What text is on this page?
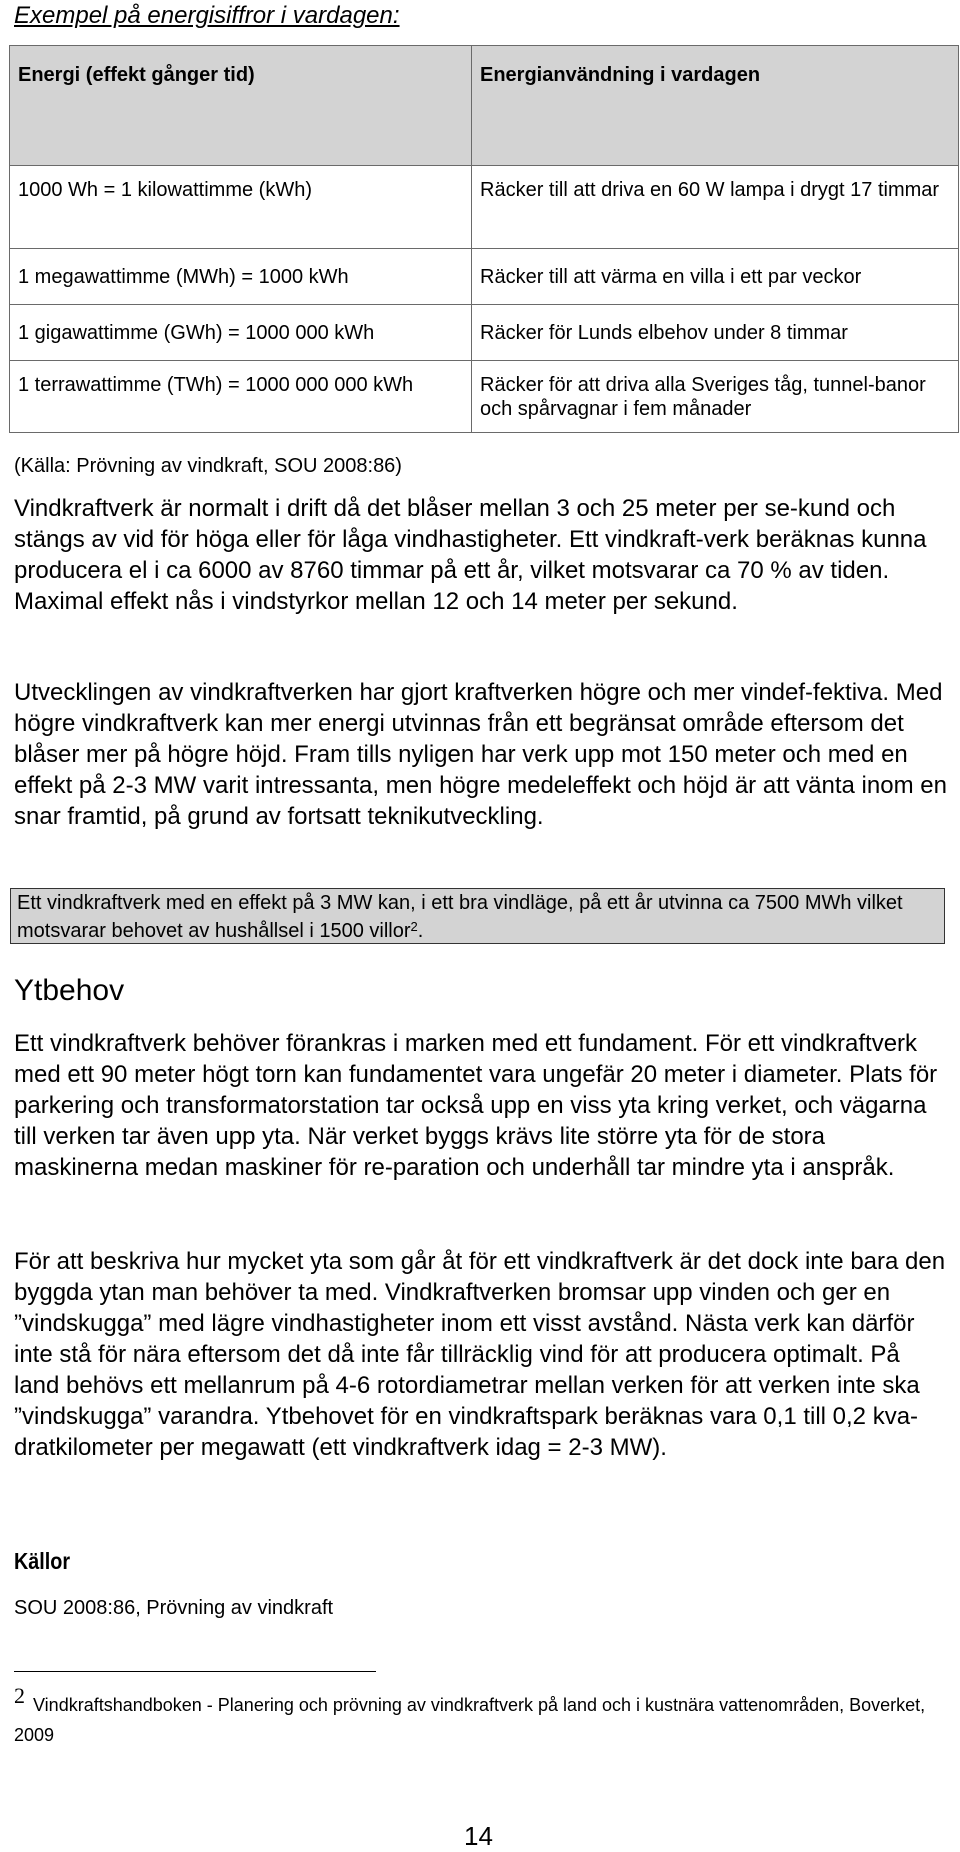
Exempel på energisiffror i vardagen:
Energi (effekt gånger tid)	Energianvändning i vardagen
1000 Wh = 1 kilowattimme (kWh)	Räcker till att driva en 60 W lampa i drygt 17 timmar
1 megawattimme (MWh) = 1000 kWh	Räcker till att värma en villa i ett par veckor
1 gigawattimme (GWh) = 1000 000 kWh	Räcker för Lunds elbehov under 8 timmar
1 terrawattimme (TWh) = 1000 000 000 kWh	Räcker för att driva alla Sveriges tåg, tunnel-banor och spårvagnar i fem månader
(Källa: Prövning av vindkraft, SOU 2008:86)

Vindkraftverk är normalt i drift då det blåser mellan 3 och 25 meter per se-kund och stängs av vid för höga eller för låga vindhastigheter. Ett vindkraft-verk beräknas kunna producera el i ca 6000 av 8760 timmar på ett år, vilket motsvarar ca 70 % av tiden. Maximal effekt nås i vindstyrkor mellan 12 och 14 meter per sekund.

Utvecklingen av vindkraftverken har gjort kraftverken högre och mer vindef-fektiva. Med högre vindkraftverk kan mer energi utvinnas från ett begränsat område eftersom det blåser mer på högre höjd. Fram tills nyligen har verk upp mot 150 meter och med en effekt på 2-3 MW varit intressanta, men högre medeleffekt och höjd är att vänta inom en snar framtid, på grund av fortsatt teknikutveckling.

Ett vindkraftverk med en effekt på 3 MW kan, i ett bra vindläge, på ett år utvinna ca 7500 MWh vilket motsvarar behovet av hushållsel i 1500 villor$^2$.
Ytbehov

Ett vindkraftverk behöver förankras i marken med ett fundament. För ett vindkraftverk med ett 90 meter högt torn kan fundamentet vara ungefär 20 meter i diameter. Plats för parkering och transformatorstation tar också upp en viss yta kring verket, och vägarna till verken tar även upp yta. När verket byggs krävs lite större yta för de stora maskinerna medan maskiner för re-paration och underhåll tar mindre yta i anspråk.

För att beskriva hur mycket yta som går åt för ett vindkraftverk är det dock inte bara den byggda ytan man behöver ta med. Vindkraftverken bromsar upp vinden och ger en ”vindskugga” med lägre vindhastigheter inom ett visst avstånd. Nästa verk kan därför inte stå för nära eftersom det då inte får tillräcklig vind för att producera optimalt. På land behövs ett mellanrum på 4-6 rotordiametrar mellan verken för att verken inte ska ”vindskugga” varandra. Ytbehovet för en vindkraftspark beräknas vara 0,1 till 0,2 kva-dratkilometer per megawatt (ett vindkraftverk idag = 2-3 MW).

Källor
SOU 2008:86, Prövning av vindkraft
2 Vindkraftshandboken - Planering och prövning av vindkraftverk på land och i kustnära vattenområden, Boverket, 2009
14
